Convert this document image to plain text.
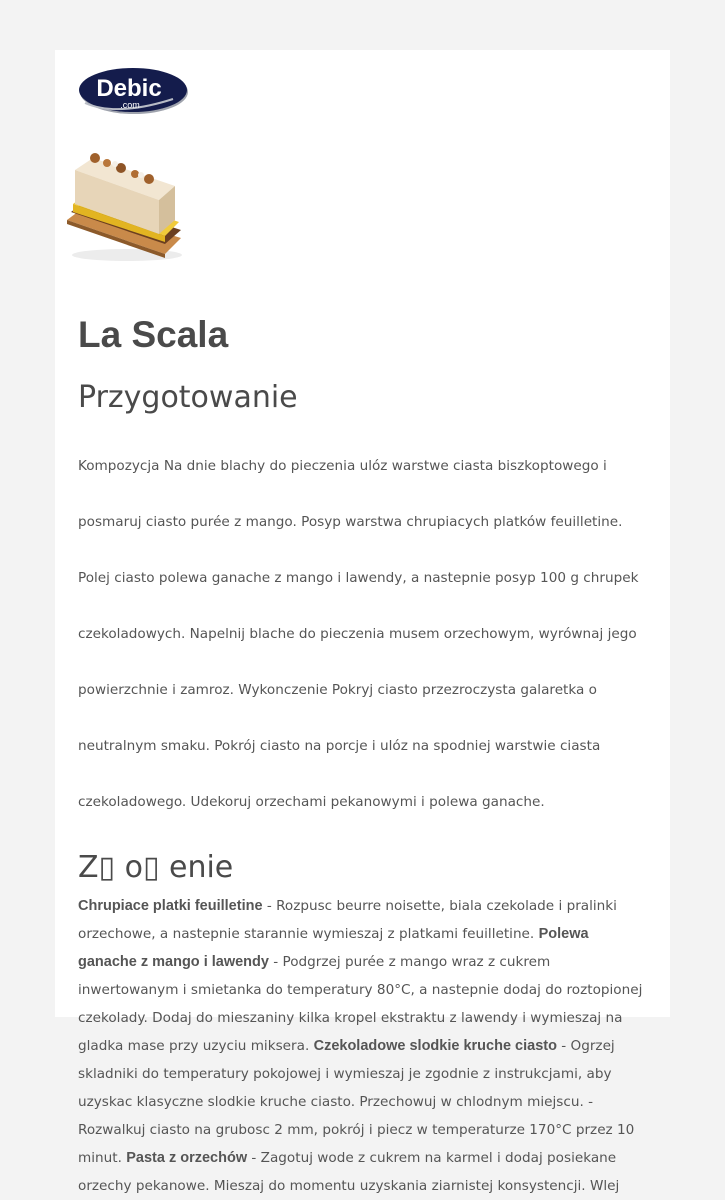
Debic
.com
La Scala
Przygotowanie

Kompozycja Na dnie blachy do pieczenia ulóz warstwe ciasta biszkoptowego i

posmaruj ciasto purée z mango. Posyp warstwa chrupiacych platków feuilletine.

Polej ciasto polewa ganache z mango i lawendy, a nastepnie posyp 100 g chrupek

czekoladowych. Napelnij blache do pieczenia musem orzechowym, wyrównaj jego

powierzchnie i zamroz. Wykonczenie Pokryj ciasto przezroczysta galaretka o

neutralnym smaku. Pokrój ciasto na porcje i ulóz na spodniej warstwie ciasta

czekoladowego. Udekoruj orzechami pekanowymi i polewa ganache.

Z▯ o▯ enie

Chrupiace platki feuilletine - Rozpusc beurre noisette, biala czekolade i pralinki orzechowe, a nastepnie starannie wymieszaj z platkami feuilletine. Polewa ganache z mango i lawendy - Podgrzej purée z mango wraz z cukrem inwertowanym i smietanka do temperatury 80°C, a nastepnie dodaj do roztopionej czekolady. Dodaj do mieszaniny kilka kropel ekstraktu z lawendy i wymieszaj na gladka mase przy uzyciu miksera. Czekoladowe slodkie kruche ciasto - Ogrzej skladniki do temperatury pokojowej i wymieszaj je zgodnie z instrukcjami, aby uzyskac klasyczne slodkie kruche ciasto. Przechowuj w chlodnym miejscu. - Rozwalkuj ciasto na grubosc 2 mm, pokrój i piecz w temperaturze 170°C przez 10 minut. Pasta z orzechów - Zagotuj wode z cukrem na karmel i dodaj posiekane orzechy pekanowe. Mieszaj do momentu uzyskania ziarnistej konsystencji. Wlej
